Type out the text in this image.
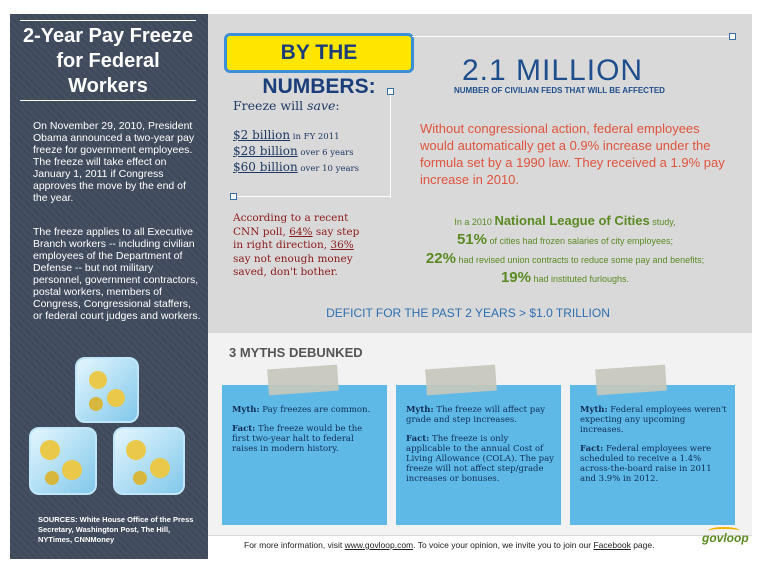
2-Year Pay Freeze
for Federal Workers

On November 29, 2010, President Obama announced a two-year pay freeze for government employees. The freeze will take effect on January 1, 2011 if Congress approves the move by the end of the year.

The freeze applies to all Executive Branch workers -- including civilian employees of the Department of Defense -- but not military personnel, government contractors, postal workers, members of Congress, Congressional staffers, or federal court judges and workers.

SOURCES: White House Office of the Press Secretary, Washington Post, The Hill, NYTimes, CNNMoney
BY THE NUMBERS:	2.1 MILLION
NUMBER OF CIVILIAN FEDS THAT WILL BE AFFECTED
Freeze will save:
$2 billion in FY 2011
$28 billion over 6 years
$60 billion over 10 years

According to a recent CNN poll, 64% say step in right direction, 36% say not enough money saved, don't bother.

Without congressional action, federal employees would automatically get a 0.9% increase under the formula set by a 1990 law. They received a 1.9% pay increase in 2010.

In a 2010 National League of Cities study,
51% of cities had frozen salaries of city employees;
22% had revised union contracts to reduce some pay and benefits;
19% had instituted furloughs.
DEFICIT FOR THE PAST 2 YEARS > $1.0 TRILLION
3 MYTHS DEBUNKED
Myth: Pay freezes are common.
Fact: The freeze would be the first two-year halt to federal raises in modern history.
Myth: The freeze will affect pay grade and step increases.
Fact: The freeze is only applicable to the annual Cost of Living Allowance (COLA). The pay freeze will not affect step/grade increases or bonuses.
Myth: Federal employees weren't expecting any upcoming increases.
Fact: Federal employees were scheduled to receive a 1.4% across-the-board raise in 2011 and 3.9% in 2012.
For more information, visit www.govloop.com. To voice your opinion, we invite you to join our Facebook page.	govloop
